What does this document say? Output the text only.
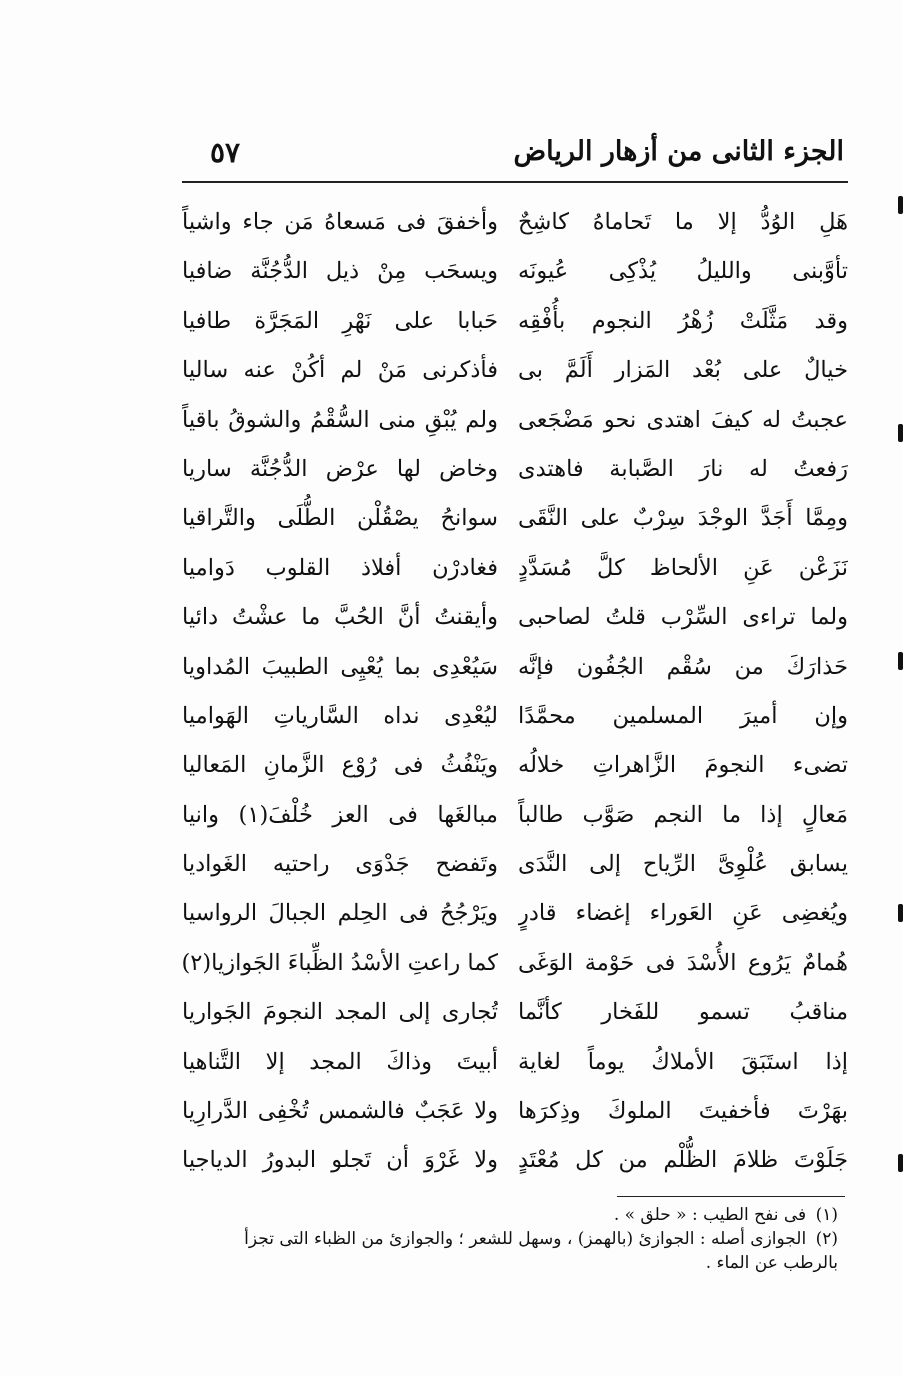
الجزء الثانى من أزهار الرياض
٥٧
هَلِ الوُدُّ إلا ما تَحاماهُ كاشِحٌ
تأوَّبنى والليلُ يُذْكِى عُيونَه
وقد مَثَّلَتْ زُهْرُ النجوم بأُفْقِه
خيالٌ على بُعْد المَزار أَلَمَّ بى
عجبتُ له كيفَ اهتدى نحو مَضْجَعى
رَفعتُ له نارَ الصَّبابة فاهتدى
ومِمَّا أَجَدَّ الوجْدَ سِرْبٌ على النَّقَى
نَزَعْن عَنِ الألحاظ كلَّ مُسَدَّدٍ
ولما تراءى السِّرْب قلتُ لصاحبى
حَذارَكَ من سُقْم الجُفُون فإنَّه
وإن أميرَ المسلمين محمَّدًا
تضىء النجومَ الزَّاهراتِ خلالُه
مَعالٍ إذا ما النجم صَوَّب طالباً
يسابق عُلْوِىَّ الرِّياح إلى النَّدَى
ويُغضِى عَنِ العَوراء إغضاء قادرٍ
هُمامٌ يَرُوع الأُسْدَ فى حَوْمة الوَغَى
مناقبُ تسمو للفَخار كأنَّما
إذا استَبَقَ الأملاكُ يوماً لغاية
بهَرْتَ فأخفيتَ الملوكَ وذِكرَها
جَلَوْتَ ظلامَ الظُّلْم من كل مُعْتَدٍ
وأخفقَ فى مَسعاهُ مَن جاء واشياً
ويسحَب مِنْ ذيل الدُّجُنَّة ضافيا
حَبابا على نَهْرِ المَجَرَّة طافيا
فأذكرنى مَنْ لم أكُنْ عنه ساليا
ولم يُبْقِ منى السُّقْمُ والشوقُ باقياً
وخاض لها عرْض الدُّجُنَّة ساريا
سوانحُ يصْقُلْن الطُّلَى والتَّراقيا
فغادرْن أفلاذ القلوب دَواميا
وأيقنتُ أنَّ الحُبَّ ما عشْتُ دائيا
سَيُعْدِى بما يُعْيِى الطبيبَ المُداويا
ليُعْدِى نداه السَّارياتِ الهَواميا
ويَنْفُثُ فى رُوْع الزَّمانِ المَعاليا
مبالغَها فى العز خُلْفَ(١) وانيا
وتَفضح جَدْوَى راحتيه الغَواديا
ويَرْجُحُ فى الحِلم الجبالَ الرواسيا
كما راعتِ الأسْدُ الظِّباءَ الجَوازيا(٢)
تُجارى إلى المجد النجومَ الجَواريا
أبيتَ وذاكَ المجد إلا التَّناهيا
ولا عَجَبٌ فالشمس تُخْفِى الدَّرارِيا
ولا غَرْوَ أن تَجلو البدورُ الدياجيا
(١) فى نفح الطيب : « حلق » .
(٢) الجوازى أصله : الجوازئ (بالهمز) ، وسهل للشعر ؛ والجوازئ من الظباء التى تجزأ بالرطب عن الماء .
